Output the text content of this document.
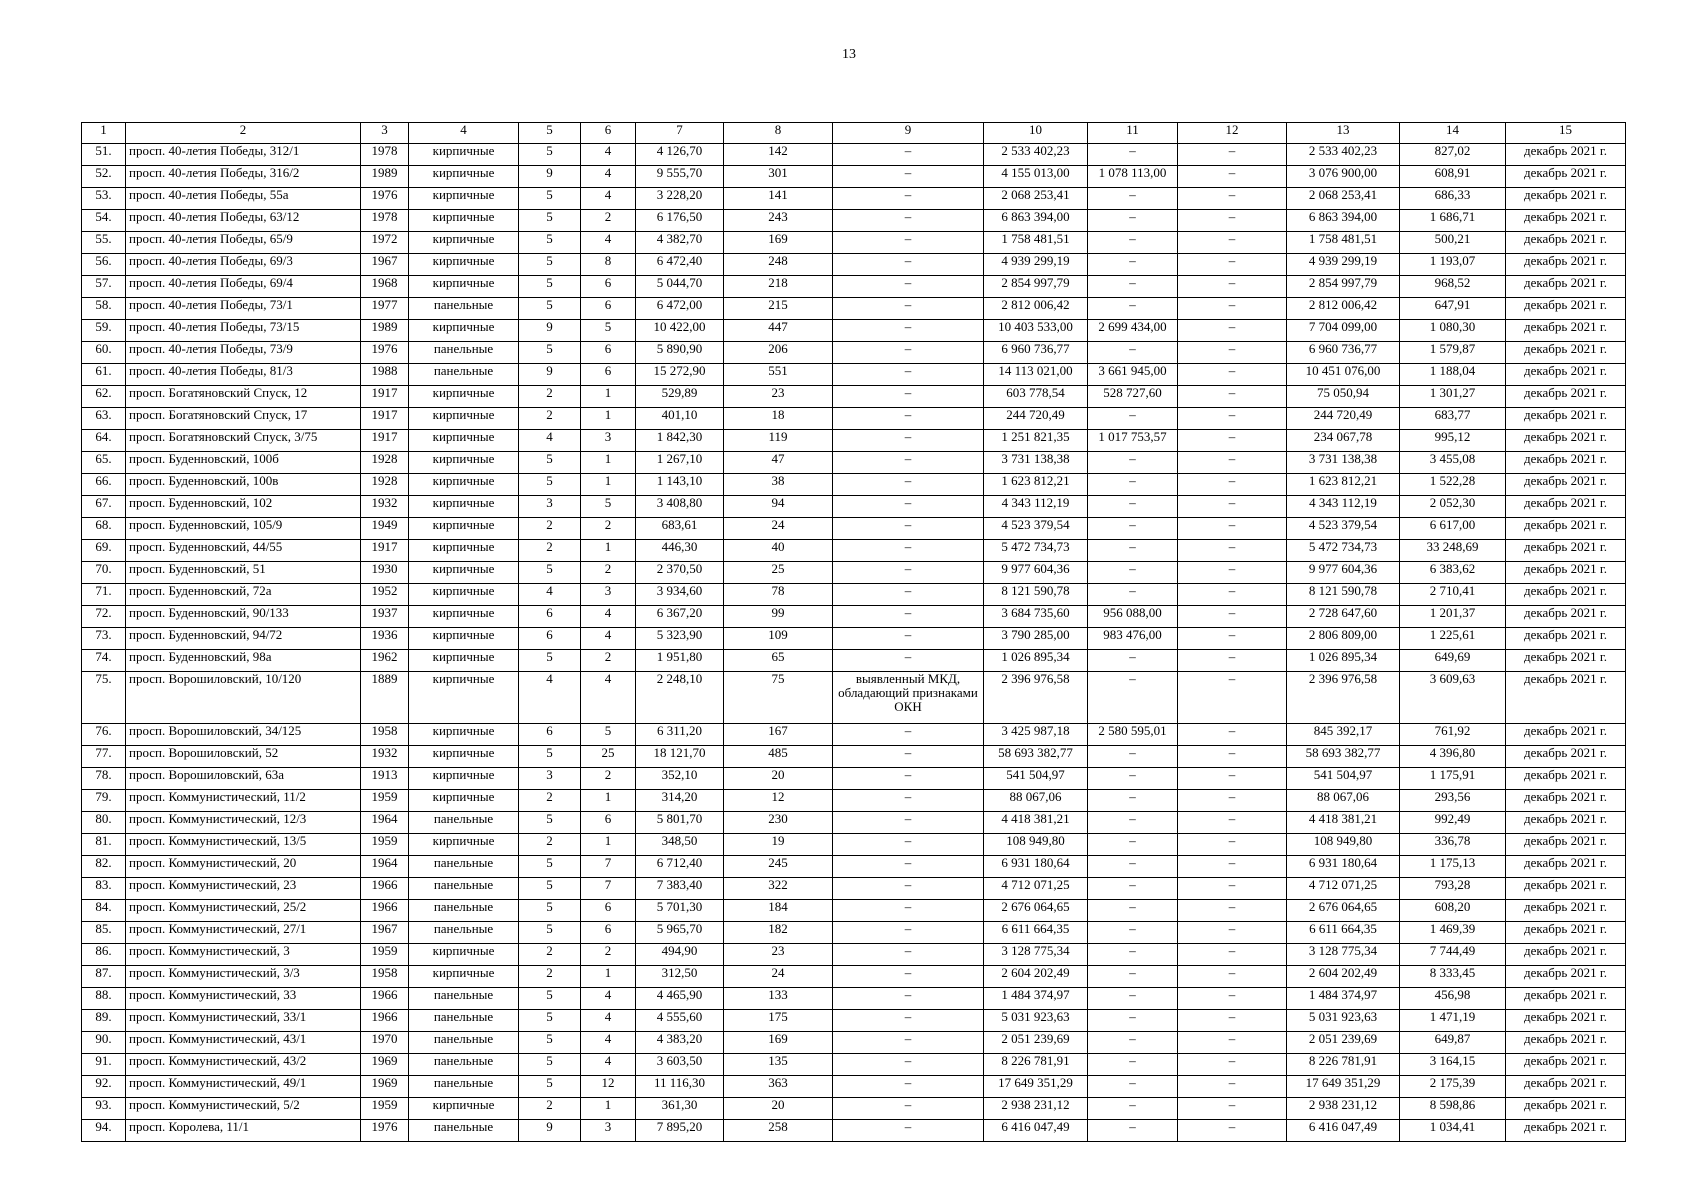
13
1	2	3	4	5	6	7	8	9	10	11	12	13	14	15
51.	просп. 40-летия Победы, 312/1	1978	кирпичные	5	4	4 126,70	142	–	2 533 402,23	–	–	2 533 402,23	827,02	декабрь 2021 г.
52.	просп. 40-летия Победы, 316/2	1989	кирпичные	9	4	9 555,70	301	–	4 155 013,00	1 078 113,00	–	3 076 900,00	608,91	декабрь 2021 г.
53.	просп. 40-летия Победы, 55а	1976	кирпичные	5	4	3 228,20	141	–	2 068 253,41	–	–	2 068 253,41	686,33	декабрь 2021 г.
54.	просп. 40-летия Победы, 63/12	1978	кирпичные	5	2	6 176,50	243	–	6 863 394,00	–	–	6 863 394,00	1 686,71	декабрь 2021 г.
55.	просп. 40-летия Победы, 65/9	1972	кирпичные	5	4	4 382,70	169	–	1 758 481,51	–	–	1 758 481,51	500,21	декабрь 2021 г.
56.	просп. 40-летия Победы, 69/3	1967	кирпичные	5	8	6 472,40	248	–	4 939 299,19	–	–	4 939 299,19	1 193,07	декабрь 2021 г.
57.	просп. 40-летия Победы, 69/4	1968	кирпичные	5	6	5 044,70	218	–	2 854 997,79	–	–	2 854 997,79	968,52	декабрь 2021 г.
58.	просп. 40-летия Победы, 73/1	1977	панельные	5	6	6 472,00	215	–	2 812 006,42	–	–	2 812 006,42	647,91	декабрь 2021 г.
59.	просп. 40-летия Победы, 73/15	1989	кирпичные	9	5	10 422,00	447	–	10 403 533,00	2 699 434,00	–	7 704 099,00	1 080,30	декабрь 2021 г.
60.	просп. 40-летия Победы, 73/9	1976	панельные	5	6	5 890,90	206	–	6 960 736,77	–	–	6 960 736,77	1 579,87	декабрь 2021 г.
61.	просп. 40-летия Победы, 81/3	1988	панельные	9	6	15 272,90	551	–	14 113 021,00	3 661 945,00	–	10 451 076,00	1 188,04	декабрь 2021 г.
62.	просп. Богатяновский Спуск, 12	1917	кирпичные	2	1	529,89	23	–	603 778,54	528 727,60	–	75 050,94	1 301,27	декабрь 2021 г.
63.	просп. Богатяновский Спуск, 17	1917	кирпичные	2	1	401,10	18	–	244 720,49	–	–	244 720,49	683,77	декабрь 2021 г.
64.	просп. Богатяновский Спуск, 3/75	1917	кирпичные	4	3	1 842,30	119	–	1 251 821,35	1 017 753,57	–	234 067,78	995,12	декабрь 2021 г.
65.	просп. Буденновский, 100б	1928	кирпичные	5	1	1 267,10	47	–	3 731 138,38	–	–	3 731 138,38	3 455,08	декабрь 2021 г.
66.	просп. Буденновский, 100в	1928	кирпичные	5	1	1 143,10	38	–	1 623 812,21	–	–	1 623 812,21	1 522,28	декабрь 2021 г.
67.	просп. Буденновский, 102	1932	кирпичные	3	5	3 408,80	94	–	4 343 112,19	–	–	4 343 112,19	2 052,30	декабрь 2021 г.
68.	просп. Буденновский, 105/9	1949	кирпичные	2	2	683,61	24	–	4 523 379,54	–	–	4 523 379,54	6 617,00	декабрь 2021 г.
69.	просп. Буденновский, 44/55	1917	кирпичные	2	1	446,30	40	–	5 472 734,73	–	–	5 472 734,73	33 248,69	декабрь 2021 г.
70.	просп. Буденновский, 51	1930	кирпичные	5	2	2 370,50	25	–	9 977 604,36	–	–	9 977 604,36	6 383,62	декабрь 2021 г.
71.	просп. Буденновский, 72а	1952	кирпичные	4	3	3 934,60	78	–	8 121 590,78	–	–	8 121 590,78	2 710,41	декабрь 2021 г.
72.	просп. Буденновский, 90/133	1937	кирпичные	6	4	6 367,20	99	–	3 684 735,60	956 088,00	–	2 728 647,60	1 201,37	декабрь 2021 г.
73.	просп. Буденновский, 94/72	1936	кирпичные	6	4	5 323,90	109	–	3 790 285,00	983 476,00	–	2 806 809,00	1 225,61	декабрь 2021 г.
74.	просп. Буденновский, 98а	1962	кирпичные	5	2	1 951,80	65	–	1 026 895,34	–	–	1 026 895,34	649,69	декабрь 2021 г.
75.	просп. Ворошиловский, 10/120	1889	кирпичные	4	4	2 248,10	75	выявленный МКД, обладающий признаками ОКН	2 396 976,58	–	–	2 396 976,58	3 609,63	декабрь 2021 г.
76.	просп. Ворошиловский, 34/125	1958	кирпичные	6	5	6 311,20	167	–	3 425 987,18	2 580 595,01	–	845 392,17	761,92	декабрь 2021 г.
77.	просп. Ворошиловский, 52	1932	кирпичные	5	25	18 121,70	485	–	58 693 382,77	–	–	58 693 382,77	4 396,80	декабрь 2021 г.
78.	просп. Ворошиловский, 63а	1913	кирпичные	3	2	352,10	20	–	541 504,97	–	–	541 504,97	1 175,91	декабрь 2021 г.
79.	просп. Коммунистический, 11/2	1959	кирпичные	2	1	314,20	12	–	88 067,06	–	–	88 067,06	293,56	декабрь 2021 г.
80.	просп. Коммунистический, 12/3	1964	панельные	5	6	5 801,70	230	–	4 418 381,21	–	–	4 418 381,21	992,49	декабрь 2021 г.
81.	просп. Коммунистический, 13/5	1959	кирпичные	2	1	348,50	19	–	108 949,80	–	–	108 949,80	336,78	декабрь 2021 г.
82.	просп. Коммунистический, 20	1964	панельные	5	7	6 712,40	245	–	6 931 180,64	–	–	6 931 180,64	1 175,13	декабрь 2021 г.
83.	просп. Коммунистический, 23	1966	панельные	5	7	7 383,40	322	–	4 712 071,25	–	–	4 712 071,25	793,28	декабрь 2021 г.
84.	просп. Коммунистический, 25/2	1966	панельные	5	6	5 701,30	184	–	2 676 064,65	–	–	2 676 064,65	608,20	декабрь 2021 г.
85.	просп. Коммунистический, 27/1	1967	панельные	5	6	5 965,70	182	–	6 611 664,35	–	–	6 611 664,35	1 469,39	декабрь 2021 г.
86.	просп. Коммунистический, 3	1959	кирпичные	2	2	494,90	23	–	3 128 775,34	–	–	3 128 775,34	7 744,49	декабрь 2021 г.
87.	просп. Коммунистический, 3/3	1958	кирпичные	2	1	312,50	24	–	2 604 202,49	–	–	2 604 202,49	8 333,45	декабрь 2021 г.
88.	просп. Коммунистический, 33	1966	панельные	5	4	4 465,90	133	–	1 484 374,97	–	–	1 484 374,97	456,98	декабрь 2021 г.
89.	просп. Коммунистический, 33/1	1966	панельные	5	4	4 555,60	175	–	5 031 923,63	–	–	5 031 923,63	1 471,19	декабрь 2021 г.
90.	просп. Коммунистический, 43/1	1970	панельные	5	4	4 383,20	169	–	2 051 239,69	–	–	2 051 239,69	649,87	декабрь 2021 г.
91.	просп. Коммунистический, 43/2	1969	панельные	5	4	3 603,50	135	–	8 226 781,91	–	–	8 226 781,91	3 164,15	декабрь 2021 г.
92.	просп. Коммунистический, 49/1	1969	панельные	5	12	11 116,30	363	–	17 649 351,29	–	–	17 649 351,29	2 175,39	декабрь 2021 г.
93.	просп. Коммунистический, 5/2	1959	кирпичные	2	1	361,30	20	–	2 938 231,12	–	–	2 938 231,12	8 598,86	декабрь 2021 г.
94.	просп. Королева, 11/1	1976	панельные	9	3	7 895,20	258	–	6 416 047,49	–	–	6 416 047,49	1 034,41	декабрь 2021 г.
